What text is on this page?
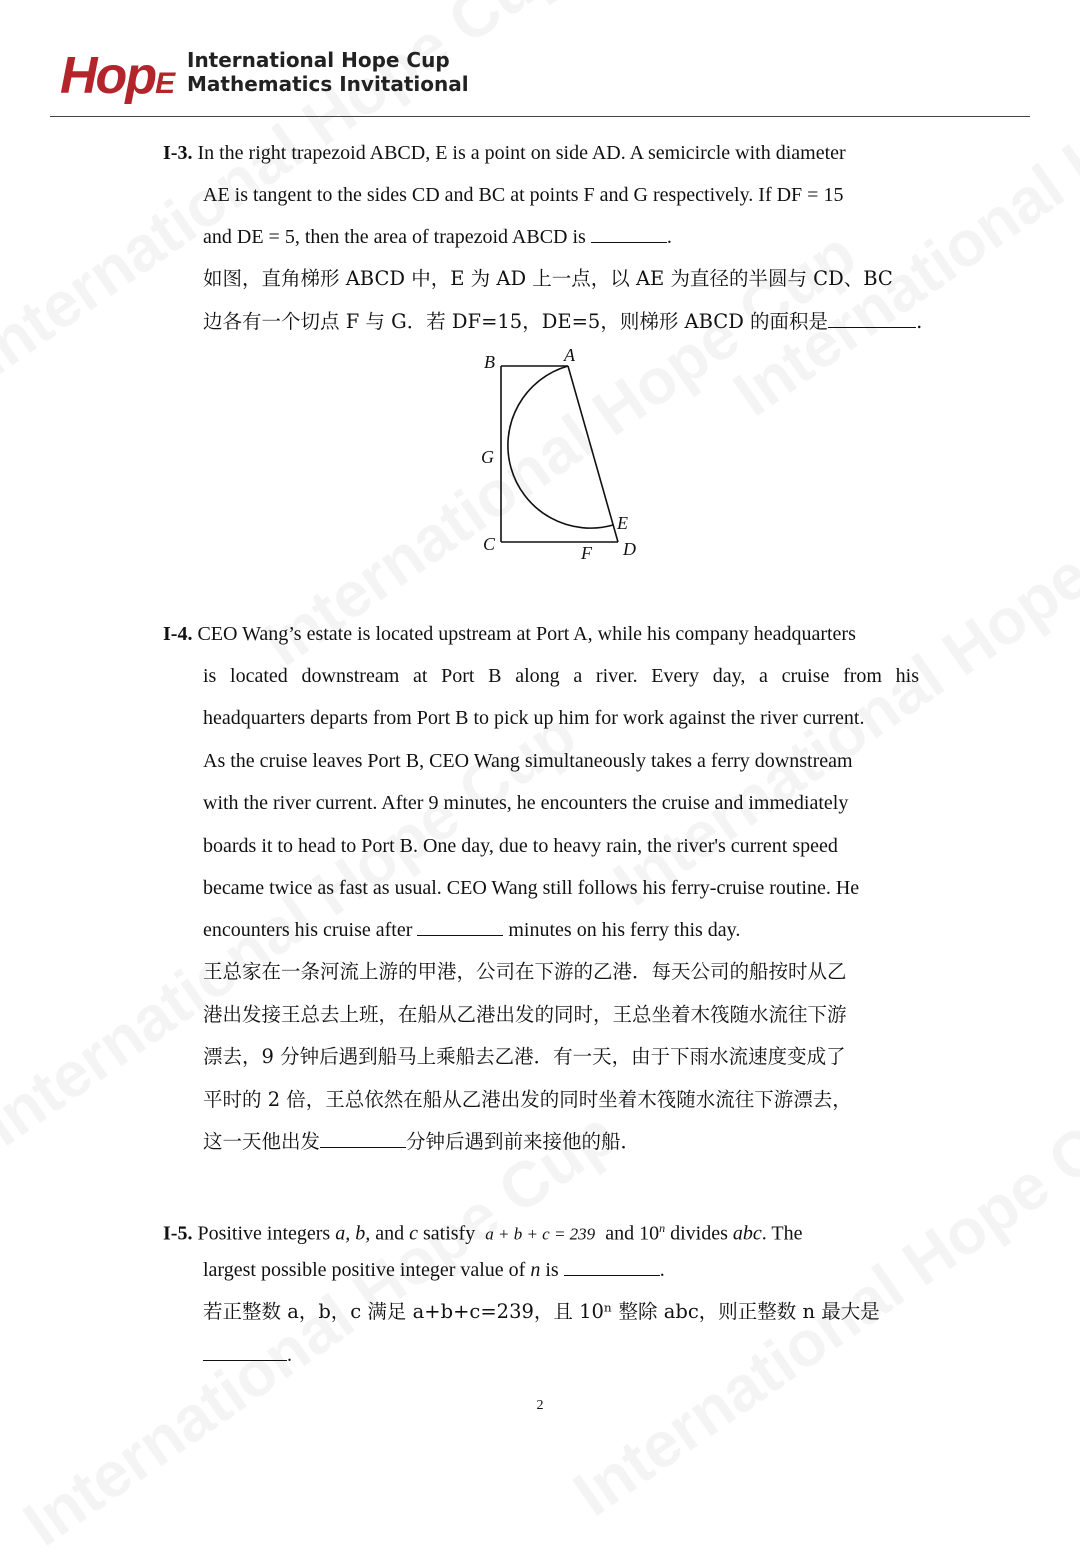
HopE
International Hope Cup
Mathematics Invitational
I-3. In the right trapezoid ABCD, E is a point on side AD. A semicircle with diameter
AE is tangent to the sides CD and BC at points F and G respectively. If DF = 15
and DE = 5, then the area of trapezoid ABCD is	.
如图，直角梯形 ABCD 中，E 为 AD 上一点，以 AE 为直径的半圆与 CD、BC
边各有一个切点 F 与 G．若 DF=15，DE=5，则梯形 ABCD 的面积是	.
B	A
G
E
C	F D
I-4. CEO Wang’s estate is located upstream at Port A, while his company headquarters
is located downstream at Port B along a river. Every day, a cruise from his
headquarters departs from Port B to pick up him for work against the river current.
As the cruise leaves Port B, CEO Wang simultaneously takes a ferry downstream
with the river current. After 9 minutes, he encounters the cruise and immediately
boards it to head to Port B. One day, due to heavy rain, the river's current speed
became twice as fast as usual. CEO Wang still follows his ferry-cruise routine. He
encounters his cruise after	minutes on his ferry this day.
王总家在一条河流上游的甲港，公司在下游的乙港．每天公司的船按时从乙
港出发接王总去上班，在船从乙港出发的同时，王总坐着木筏随水流往下游
漂去，9 分钟后遇到船马上乘船去乙港．有一天，由于下雨水流速度变成了
平时的 2 倍，王总依然在船从乙港出发的同时坐着木筏随水流往下游漂去，
这一天他出发	分钟后遇到前来接他的船．
I-5. Positive integers a, b, and c satisfy a + b + c = 239 and 10$^n$ divides abc. The
largest possible positive integer value of n is	.
若正整数 a，b，c 满足 a+b+c=239，且 10ⁿ 整除 abc，则正整数 n 最大是
.
2
